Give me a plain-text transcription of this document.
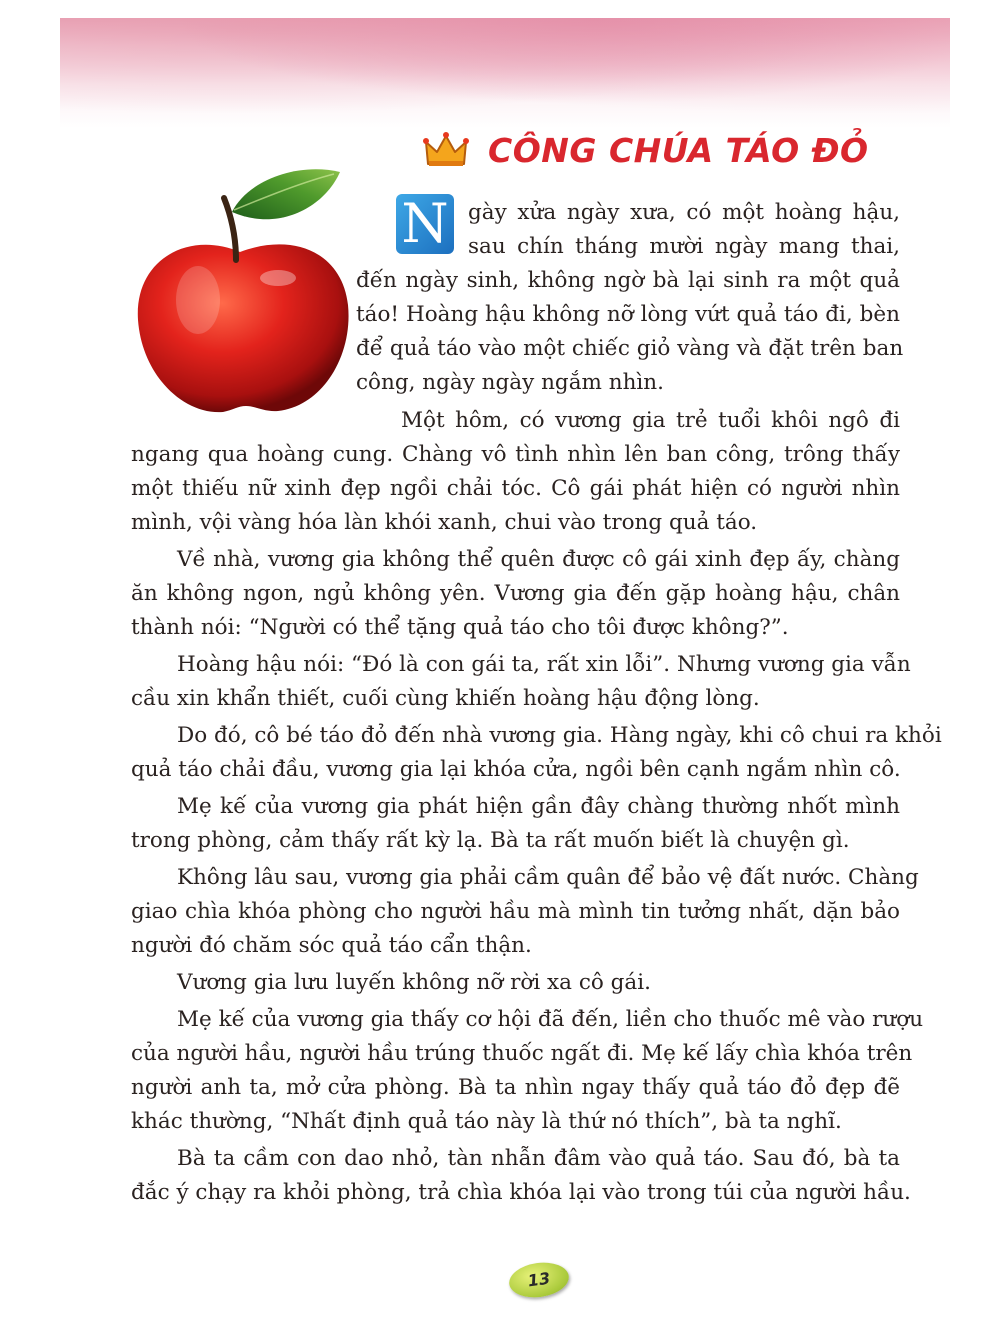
CÔNG CHÚA TÁO ĐỎ
N gày xửa ngày xưa, có một hoàng hậu,
sau chín tháng mười ngày mang thai,
đến ngày sinh, không ngờ bà lại sinh ra một quả
táo! Hoàng hậu không nỡ lòng vứt quả táo đi, bèn
để quả táo vào một chiếc giỏ vàng và đặt trên ban
công, ngày ngày ngắm nhìn.
Một hôm, có vương gia trẻ tuổi khôi ngô đi
ngang qua hoàng cung. Chàng vô tình nhìn lên ban công, trông thấy
một thiếu nữ xinh đẹp ngồi chải tóc. Cô gái phát hiện có người nhìn
mình, vội vàng hóa làn khói xanh, chui vào trong quả táo.
Về nhà, vương gia không thể quên được cô gái xinh đẹp ấy, chàng
ăn không ngon, ngủ không yên. Vương gia đến gặp hoàng hậu, chân
thành nói: “Người có thể tặng quả táo cho tôi được không?”.
Hoàng hậu nói: “Đó là con gái ta, rất xin lỗi”. Nhưng vương gia vẫn
cầu xin khẩn thiết, cuối cùng khiến hoàng hậu động lòng.
Do đó, cô bé táo đỏ đến nhà vương gia. Hàng ngày, khi cô chui ra khỏi
quả táo chải đầu, vương gia lại khóa cửa, ngồi bên cạnh ngắm nhìn cô.
Mẹ kế của vương gia phát hiện gần đây chàng thường nhốt mình
trong phòng, cảm thấy rất kỳ lạ. Bà ta rất muốn biết là chuyện gì.
Không lâu sau, vương gia phải cầm quân để bảo vệ đất nước. Chàng
giao chìa khóa phòng cho người hầu mà mình tin tưởng nhất, dặn bảo
người đó chăm sóc quả táo cẩn thận.
Vương gia lưu luyến không nỡ rời xa cô gái.
Mẹ kế của vương gia thấy cơ hội đã đến, liền cho thuốc mê vào rượu
của người hầu, người hầu trúng thuốc ngất đi. Mẹ kế lấy chìa khóa trên
người anh ta, mở cửa phòng. Bà ta nhìn ngay thấy quả táo đỏ đẹp đẽ
khác thường, “Nhất định quả táo này là thứ nó thích”, bà ta nghĩ.
Bà ta cầm con dao nhỏ, tàn nhẫn đâm vào quả táo. Sau đó, bà ta
đắc ý chạy ra khỏi phòng, trả chìa khóa lại vào trong túi của người hầu.
13
